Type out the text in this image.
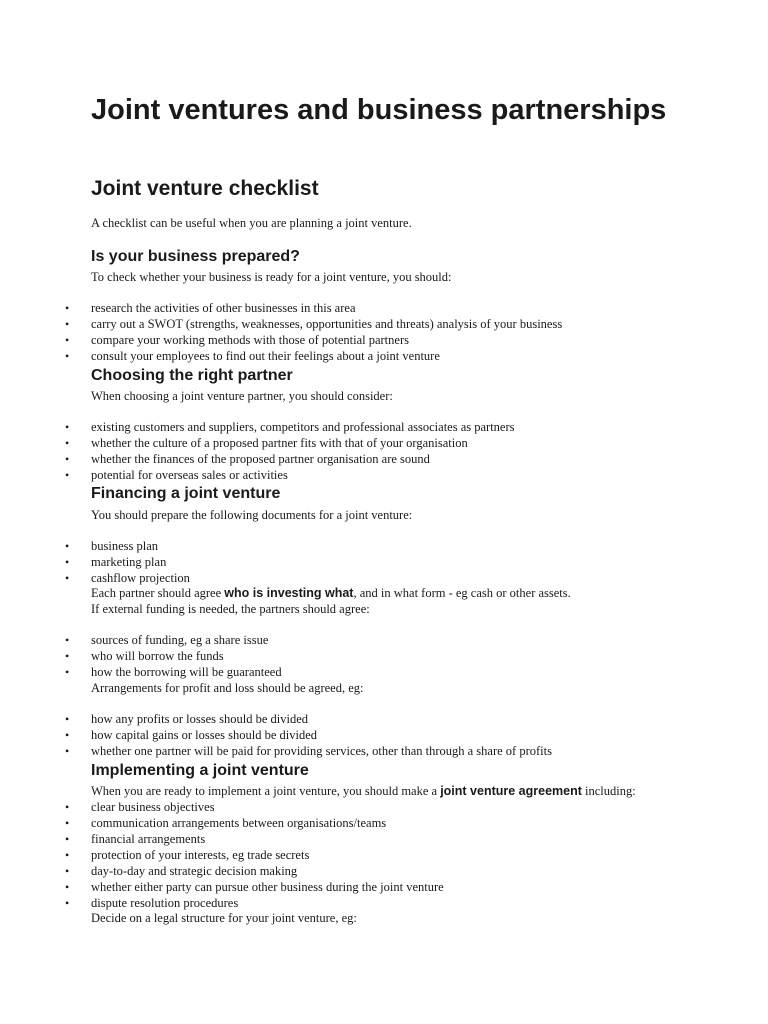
Joint ventures and business partnerships
Joint venture checklist

A checklist can be useful when you are planning a joint venture.

Is your business prepared?

To check whether your business is ready for a joint venture, you should:

• research the activities of other businesses in this area
• carry out a SWOT (strengths, weaknesses, opportunities and threats) analysis of your business
• compare your working methods with those of potential partners
• consult your employees to find out their feelings about a joint venture
Choosing the right partner

When choosing a joint venture partner, you should consider:

• existing customers and suppliers, competitors and professional associates as partners
• whether the culture of a proposed partner fits with that of your organisation
• whether the finances of the proposed partner organisation are sound
• potential for overseas sales or activities
Financing a joint venture

You should prepare the following documents for a joint venture:

• business plan
• marketing plan
• cashflow projection

Each partner should agree who is investing what, and in what form - eg cash or other assets.

If external funding is needed, the partners should agree:

• sources of funding, eg a share issue
• who will borrow the funds
• how the borrowing will be guaranteed

Arrangements for profit and loss should be agreed, eg:

• how any profits or losses should be divided
• how capital gains or losses should be divided
• whether one partner will be paid for providing services, other than through a share of profits
Implementing a joint venture

When you are ready to implement a joint venture, you should make a joint venture agreement including:

• clear business objectives
• communication arrangements between organisations/teams
• financial arrangements
• protection of your interests, eg trade secrets
• day-to-day and strategic decision making
• whether either party can pursue other business during the joint venture
• dispute resolution procedures

Decide on a legal structure for your joint venture, eg:
